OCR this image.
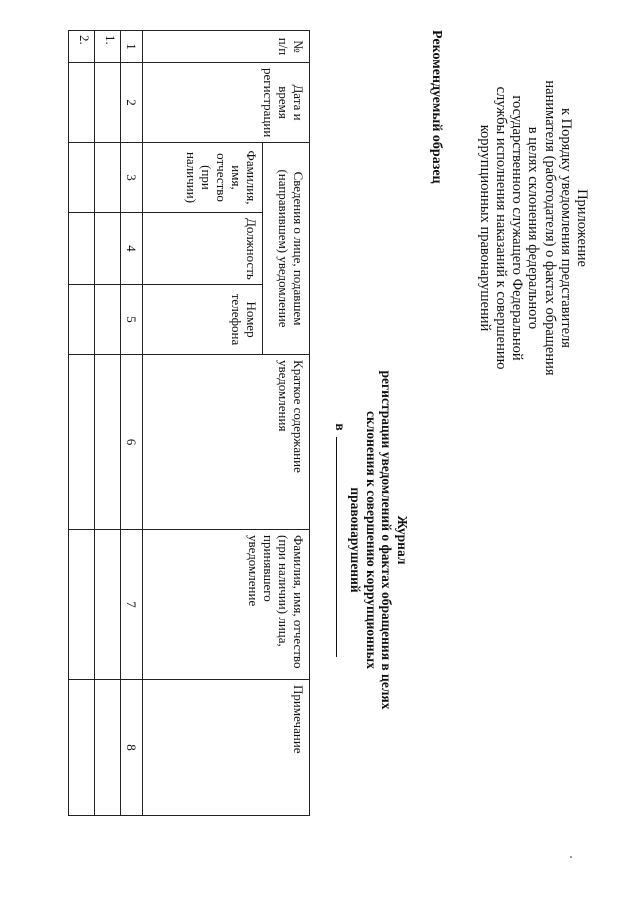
Приложение
к Порядку уведомления представителя
нанимателя (работодателя) о фактах обращения
в целях склонения федерального
государственного служащего Федеральной
службы исполнения наказаний к совершению
коррупционных правонарушений
Рекомендуемый образец
Журнал
регистрации уведомлений о фактах обращения в целях
склонения к совершению коррупционных правонарушений
в
№ п/п	Дата и время регистрации	Сведения о лице, подавшем (направившем) уведомление			Краткое содержание уведомления	Фамилия, имя, отчество (при наличии) лица, принявшего уведомление	Примечание
		Фамилия, имя, отчество (при наличии)	Должность	Номер телефона			
1	2	3	4	5	6	7	8
1.							
2.							
